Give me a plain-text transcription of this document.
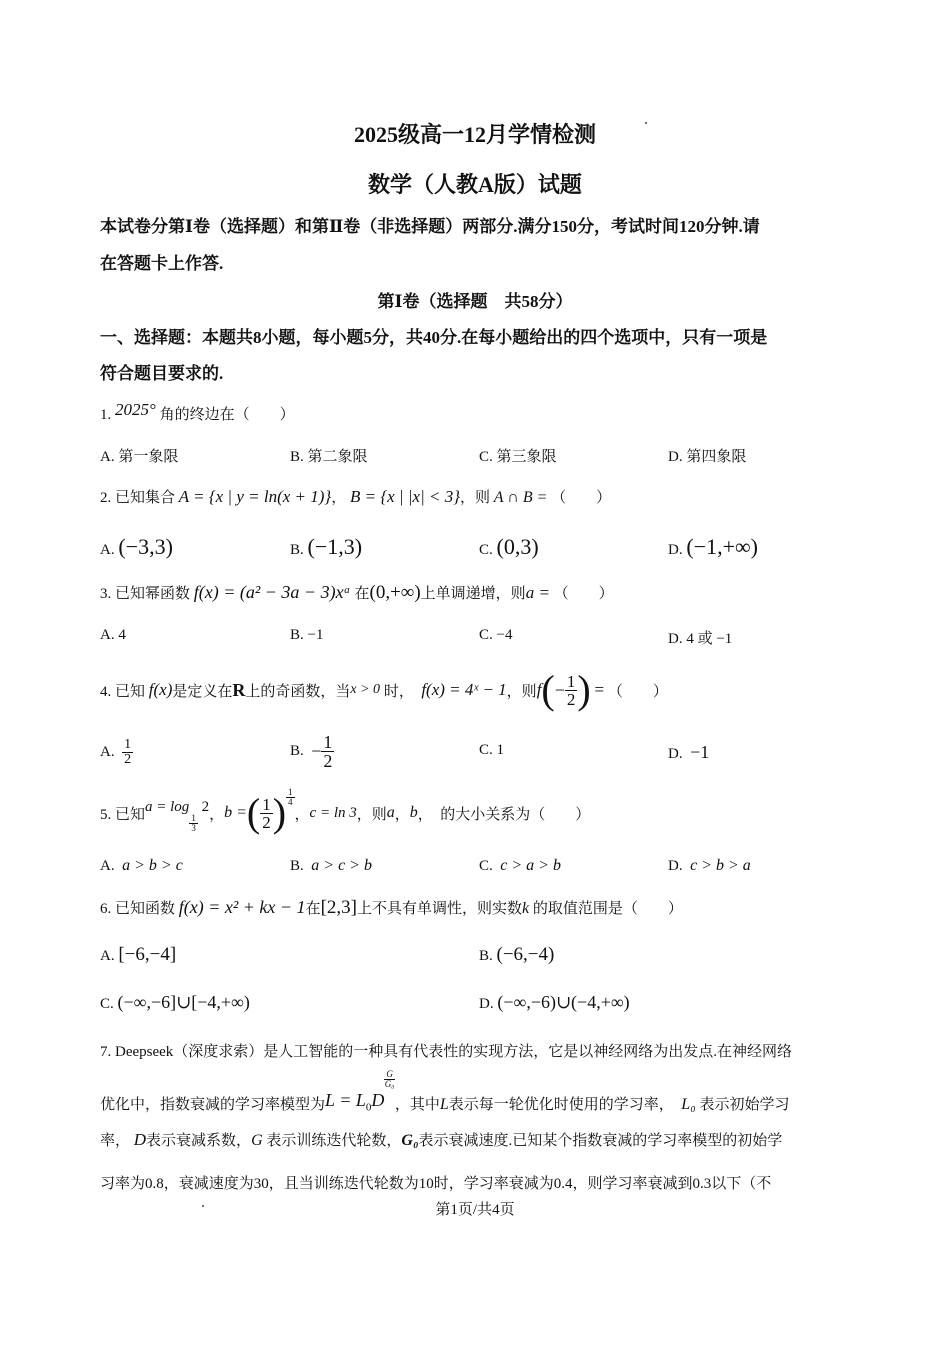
2025级高一12月学情检测
数学（人教A版）试题
本试卷分第Ⅰ卷（选择题）和第Ⅱ卷（非选择题）两部分.满分150分，考试时间120分钟.请
在答题卡上作答.
第Ⅰ卷（选择题　共58分）
一、选择题：本题共8小题，每小题5分，共40分.在每小题给出的四个选项中，只有一项是
符合题目要求的.
1. 2025° 角的终边在（　　）
A. 第一象限	B. 第二象限	C. 第三象限	D. 第四象限
2. 已知集合 A = {x | y = ln(x + 1)}， B = {x | |x| < 3}，则 A ∩ B = （　　）
A. (−3,3)	B. (−1,3)	C. (0,3)	D. (−1,+∞)
3. 已知幂函数 f(x) = (a² − 3a − 3)xᵃ 在(0,+∞)上单调递增，则a = （　　）
A. 4	B. −1	C. −4	D. 4 或 −1
4. 已知
f(x) 是定义在 R 上的奇函数，当 x > 0
时，
f(x) = 4ˣ − 1 ，则 f ( − $\frac{1}{2}$ )
=
（　　）
A.
$\frac{1}{2}$	B.
− $\frac{1}{2}$	C. 1	D. −1
5. 已知 a = log
$\frac{1}{3}$

2 ， b = ( $\frac{1}{2}$ ) $\frac{1}{4}$
， c = ln 3 ，则 a ， b ，
的大小关系为（　　）
A. a > b > c	B. a > c > b	C. c > a > b	D. c > b > a
6. 已知函数 f(x) = x² + kx − 1在[2,3]上不具有单调性，则实数k 的取值范围是（　　）
A. [−6,−4]	B. (−6,−4)
C. (−∞,−6]∪[−4,+∞)	D. (−∞,−6)∪(−4,+∞)
7. Deepseek（深度求索）是人工智能的一种具有代表性的实现方法，它是以神经网络为出发点.在神经网络
优化中，指数衰减的学习率模型为 $L = L_0D$
$\frac{G}{\text{G₀}}$
，其中 L 表示每一轮优化时使用的学习率，
L₀
表示初始学习
率， D表示衰减系数，G 表示训练迭代轮数，G₀表示衰减速度.已知某个指数衰减的学习率模型的初始学
习率为0.8，衰减速度为30，且当训练迭代轮数为10时，学习率衰减为0.4，则学习率衰减到0.3以下（不
第1页/共4页
